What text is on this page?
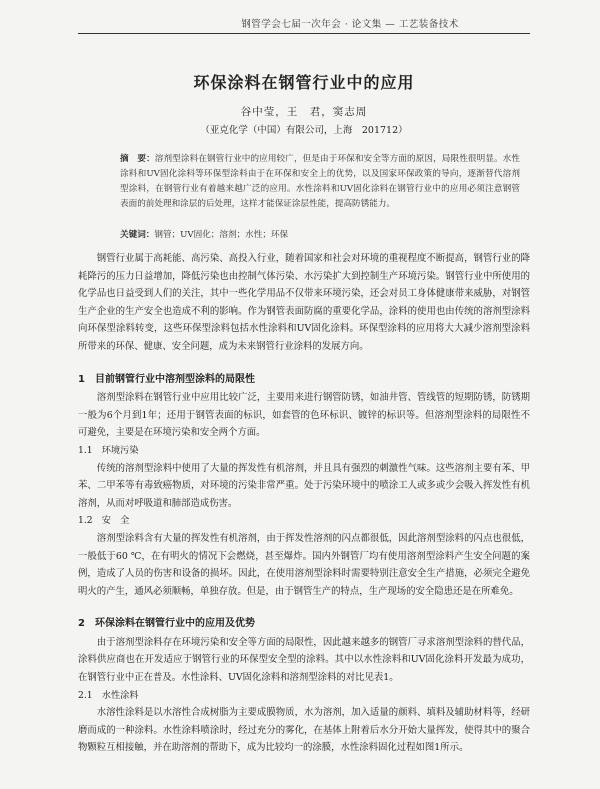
钢管学会七届一次年会 · 论文集 — 工艺装备技术
环保涂料在钢管行业中的应用
谷中莹，王　君，窦志周
（亚克化学（中国）有限公司，上海　201712）
摘　要：溶剂型涂料在钢管行业中的应用较广，但是由于环保和安全等方面的原因，局限性很明显。水性涂料和UV固化涂料等环保型涂料由于在环保和安全上的优势，以及国家环保政策的导向，逐渐替代溶剂型涂料，在钢管行业有着越来越广泛的应用。水性涂料和UV固化涂料在钢管行业中的应用必须注意钢管表面的前处理和涂层的后处理，这样才能保证涂层性能，提高防锈能力。
关键词：钢管；UV固化；溶剂；水性；环保

钢管行业属于高耗能、高污染、高投入行业，随着国家和社会对环境的重视程度不断提高，钢管行业的降耗降污的压力日益增加，降低污染也由控制气体污染、水污染扩大到控制生产环境污染。钢管行业中所使用的化学品也日益受到人们的关注，其中一些化学用品不仅带来环境污染，还会对员工身体健康带来威胁，对钢管生产企业的生产安全也造成不利的影响。作为钢管表面防腐的重要化学品，涂料的使用也由传统的溶剂型涂料向环保型涂料转变，这些环保型涂料包括水性涂料和UV固化涂料。环保型涂料的应用将大大减少溶剂型涂料所带来的环保、健康、安全问题，成为未来钢管行业涂料的发展方向。

1　目前钢管行业中溶剂型涂料的局限性

溶剂型涂料在钢管行业中应用比较广泛，主要用来进行钢管防锈，如油井管、管线管的短期防锈，防锈期一般为6个月到1年；还用于钢管表面的标识，如套管的色环标识、镀锌的标识等。但溶剂型涂料的局限性不可避免，主要是在环境污染和安全两个方面。

1.1　环境污染

传统的溶剂型涂料中使用了大量的挥发性有机溶剂，并且具有强烈的刺激性气味。这些溶剂主要有苯、甲苯、二甲苯等有毒致癌物质，对环境的污染非常严重。处于污染环境中的喷涂工人或多或少会吸入挥发性有机溶剂，从而对呼吸道和肺部造成伤害。

1.2　安　全

溶剂型涂料含有大量的挥发性有机溶剂，由于挥发性溶剂的闪点都很低，因此溶剂型涂料的闪点也很低，一般低于60 ℃，在有明火的情况下会燃烧，甚至爆炸。国内外钢管厂均有使用溶剂型涂料产生安全问题的案例，造成了人员的伤害和设备的损坏。因此，在使用溶剂型涂料时需要特别注意安全生产措施，必须完全避免明火的产生，通风必须顺畅，单独存放。但是，由于钢管生产的特点，生产现场的安全隐患还是在所难免。

2　环保涂料在钢管行业中的应用及优势

由于溶剂型涂料存在环境污染和安全等方面的局限性，因此越来越多的钢管厂寻求溶剂型涂料的替代品，涂料供应商也在开发适应于钢管行业的环保型安全型的涂料。其中以水性涂料和UV固化涂料开发最为成功，在钢管行业中正在普及。水性涂料、UV固化涂料和溶剂型涂料的对比见表1。

2.1　水性涂料

水溶性涂料是以水溶性合成树脂为主要成膜物质，水为溶剂，加入适量的颜料、填料及辅助材料等，经研磨而成的一种涂料。水性涂料喷涂时，经过充分的雾化，在基体上附着后水分开始大量挥发，使得其中的聚合物颗粒互相接触，并在助溶剂的帮助下，成为比较均一的涂膜，水性涂料固化过程如图1所示。
